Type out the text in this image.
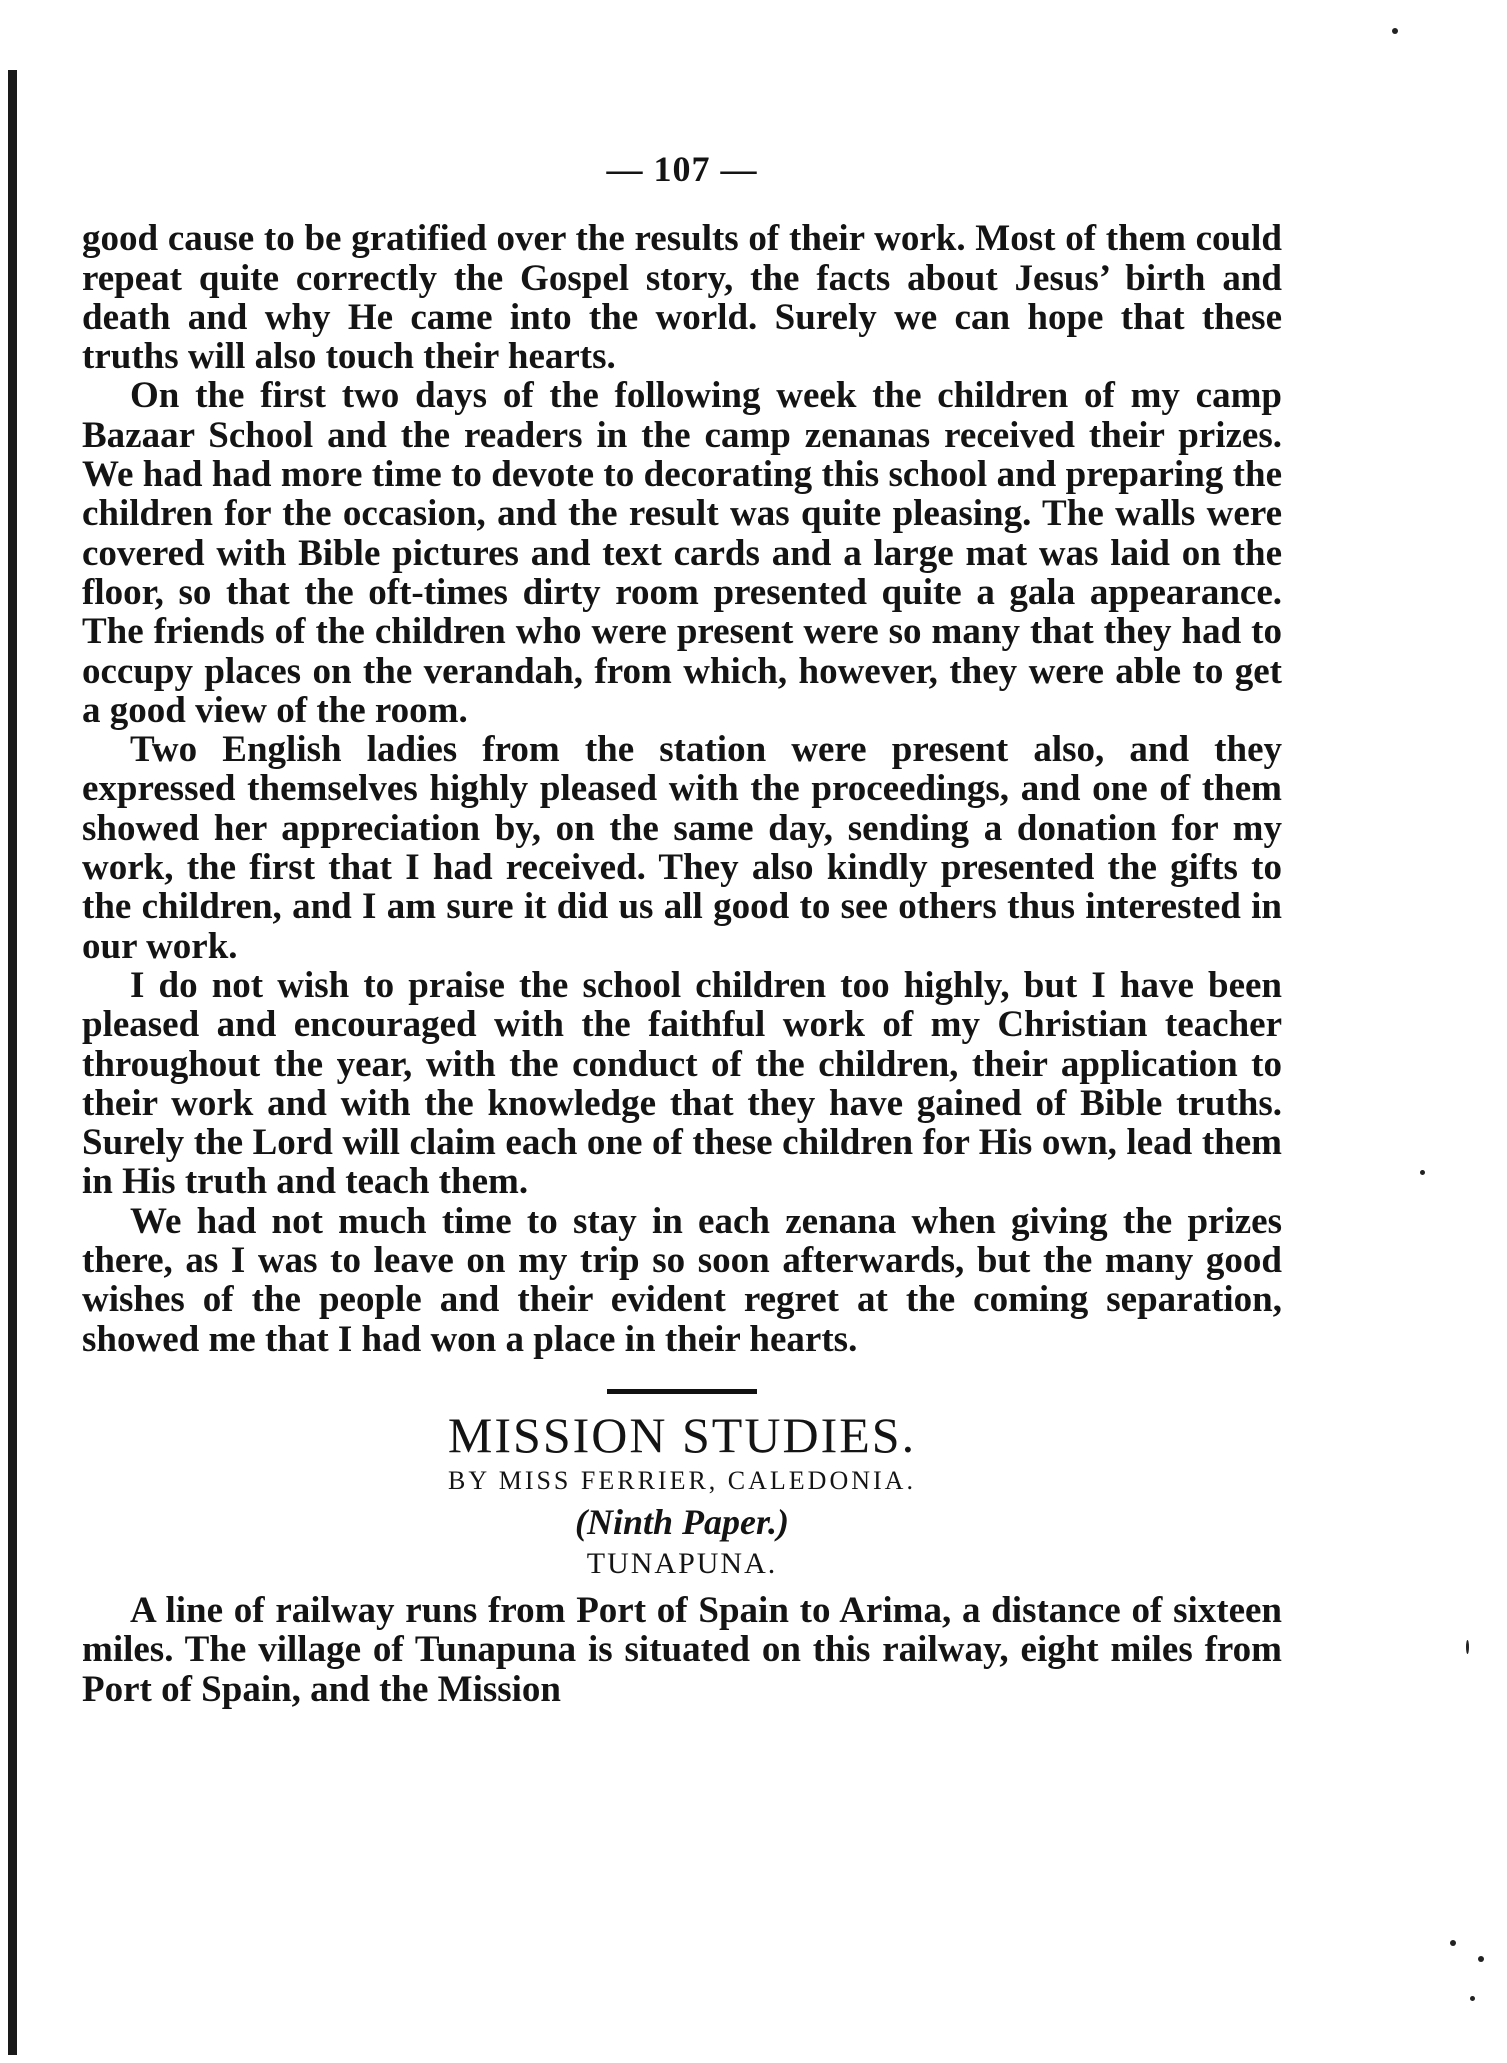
— 107 —

good cause to be gratified over the results of their work. Most of them could repeat quite correctly the Gospel story, the facts about Jesus’ birth and death and why He came into the world. Surely we can hope that these truths will also touch their hearts.

On the first two days of the following week the children of my camp Bazaar School and the readers in the camp zenanas received their prizes. We had had more time to devote to decorating this school and preparing the children for the occasion, and the result was quite pleasing. The walls were covered with Bible pictures and text cards and a large mat was laid on the floor, so that the oft-times dirty room presented quite a gala appearance. The friends of the children who were present were so many that they had to occupy places on the verandah, from which, however, they were able to get a good view of the room.

Two English ladies from the station were present also, and they expressed themselves highly pleased with the proceedings, and one of them showed her appreciation by, on the same day, sending a donation for my work, the first that I had received. They also kindly presented the gifts to the children, and I am sure it did us all good to see others thus interested in our work.

I do not wish to praise the school children too highly, but I have been pleased and encouraged with the faithful work of my Christian teacher throughout the year, with the conduct of the children, their application to their work and with the knowledge that they have gained of Bible truths. Surely the Lord will claim each one of these children for His own, lead them in His truth and teach them.

We had not much time to stay in each zenana when giving the prizes there, as I was to leave on my trip so soon afterwards, but the many good wishes of the people and their evident regret at the coming separation, showed me that I had won a place in their hearts.

MISSION STUDIES.
BY MISS FERRIER, CALEDONIA.
(Ninth Paper.)
TUNAPUNA.

A line of railway runs from Port of Spain to Arima, a distance of sixteen miles. The village of Tunapuna is situated on this railway, eight miles from Port of Spain, and the Mission
